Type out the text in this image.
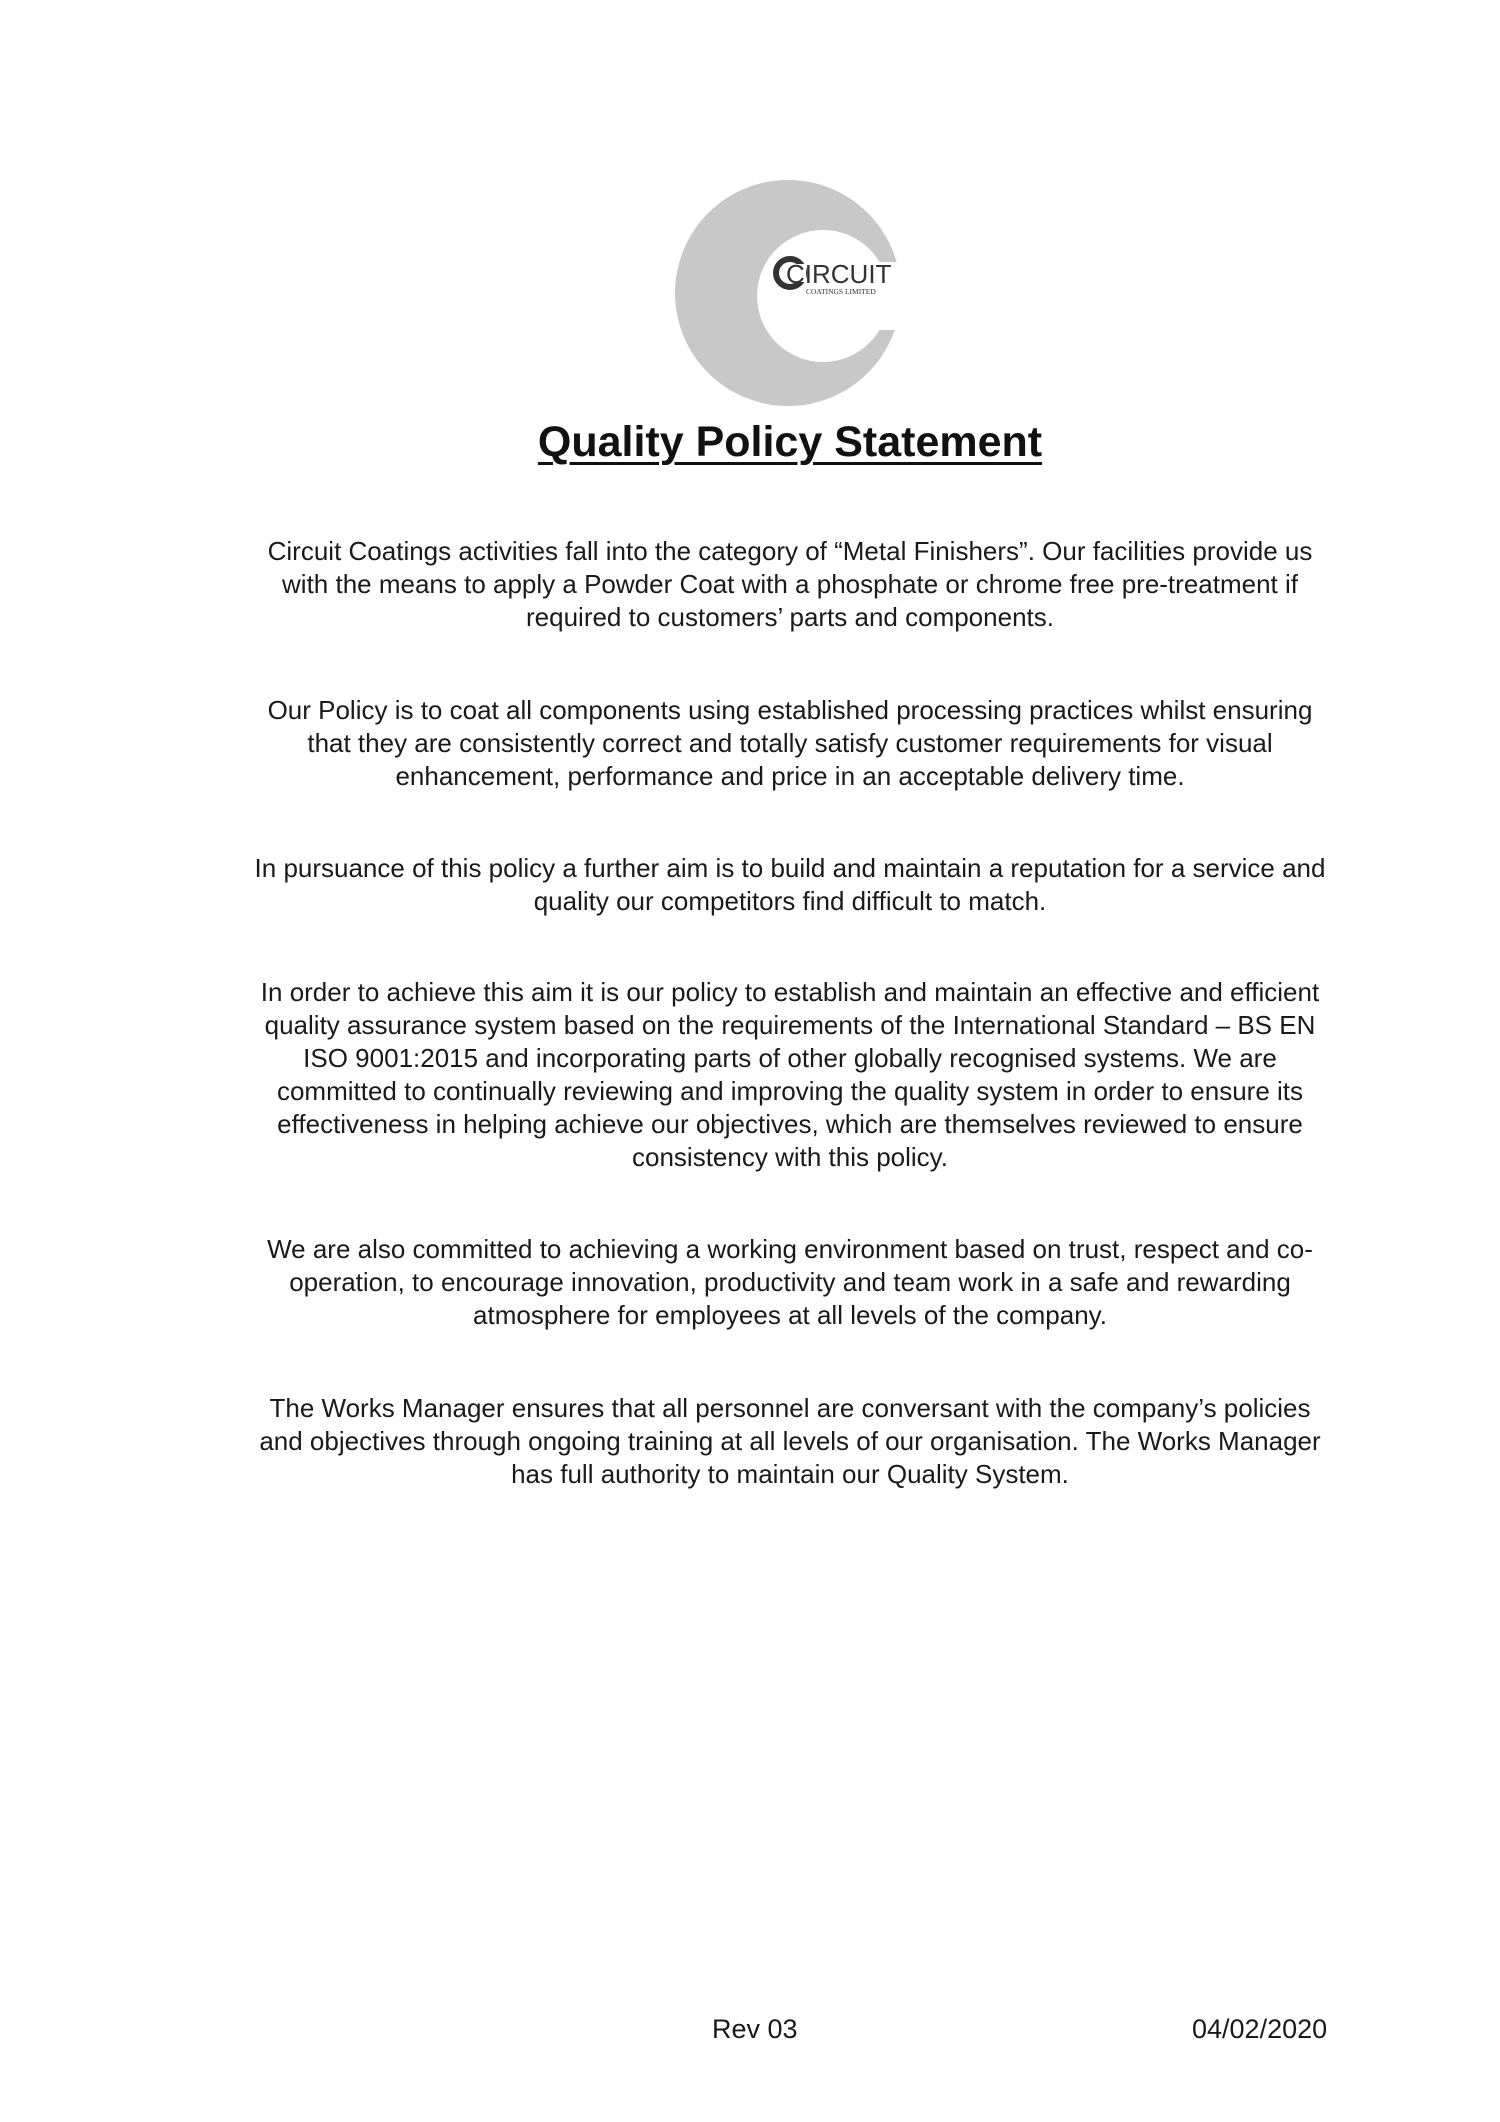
CIRCUIT
COATINGS LIMITED
Quality Policy Statement

Circuit Coatings activities fall into the category of “Metal Finishers”. Our facilities provide us with the means to apply a Powder Coat with a phosphate or chrome free pre-treatment if required to customers’ parts and components.

Our Policy is to coat all components using established processing practices whilst ensuring that they are consistently correct and totally satisfy customer requirements for visual enhancement, performance and price in an acceptable delivery time.

In pursuance of this policy a further aim is to build and maintain a reputation for a service and quality our competitors find difficult to match.

In order to achieve this aim it is our policy to establish and maintain an effective and efficient quality assurance system based on the requirements of the International Standard – BS EN ISO 9001:2015 and incorporating parts of other globally recognised systems. We are committed to continually reviewing and improving the quality system in order to ensure its effectiveness in helping achieve our objectives, which are themselves reviewed to ensure consistency with this policy.

We are also committed to achieving a working environment based on trust, respect and co-operation, to encourage innovation, productivity and team work in a safe and rewarding atmosphere for employees at all levels of the company.

The Works Manager ensures that all personnel are conversant with the company’s policies and objectives through ongoing training at all levels of our organisation. The Works Manager has full authority to maintain our Quality System.

Rev 03	04/02/2020
